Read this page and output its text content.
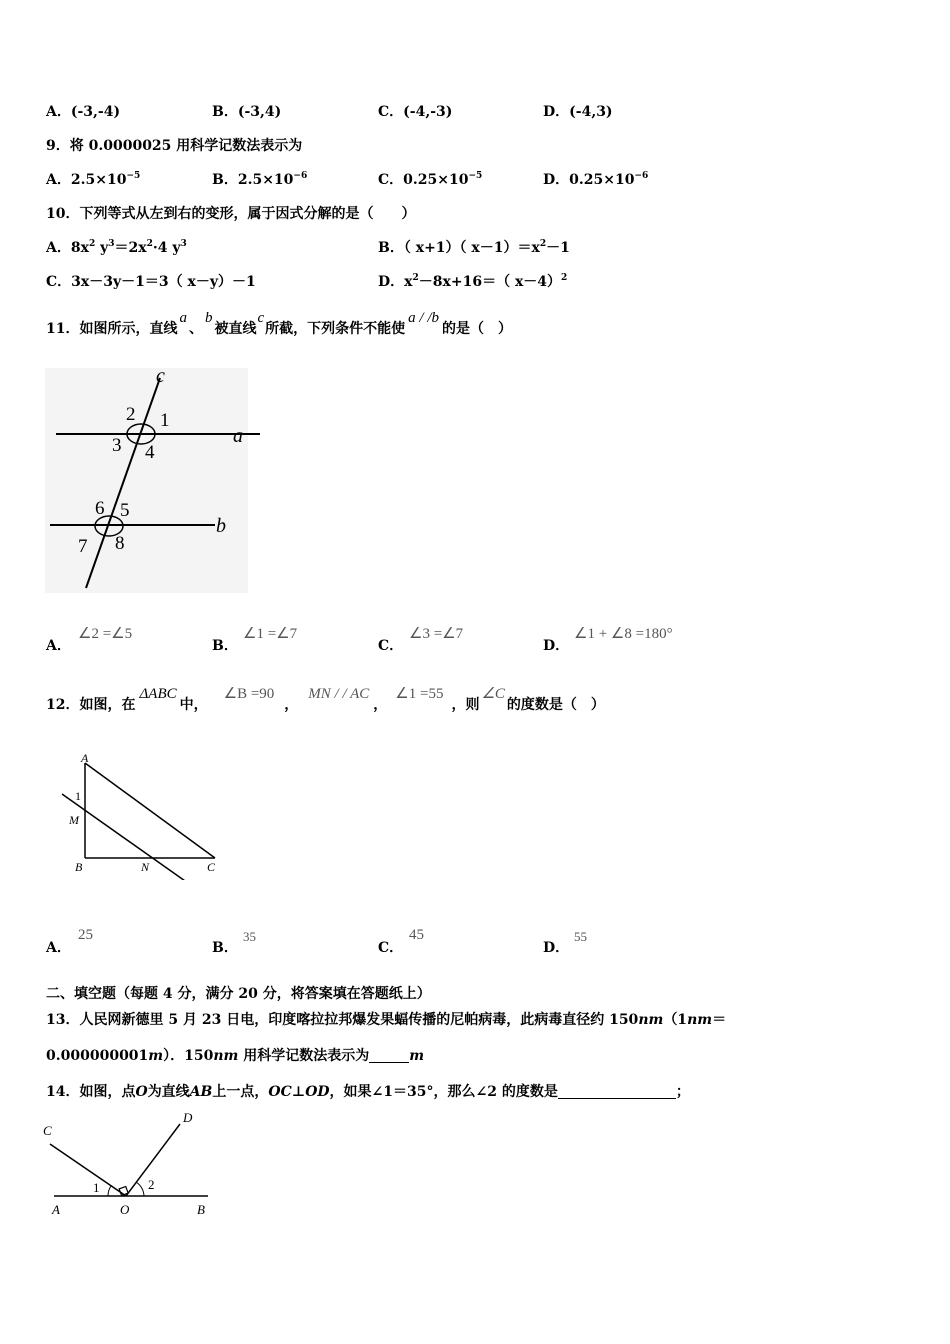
A．(-3,-4)	B．(-3,4)	C．(-4,-3)	D．(-4,3)
9．将 0.0000025 用科学记数法表示为
A．$2.5\times 10^{-5}$	B．$2.5\times 10^{-6}$	C．$0.25\times 10^{-5}$	D．$0.25\times 10^{-6}$
10．下列等式从左到右的变形，属于因式分解的是（　　）
A．$8x^2$ $y^3=2x^2\cdot 4$ $y^3$	B．（ x+1）（ $x-1)=x^2-1$
C．3x－3y－1＝3（ x－y）－1	D．$x^2-8x+16=$（ x－4）$^2$
11．如图所示，直线a、b被直线c所截，下列条件不能使a / /b的是（　）
c
a
b
2 1
3 4
6 5
7 8
A．
∠2 =∠5
B．
∠1 =∠7
C．
∠3 =∠7
D．
∠1 + ∠8 =180°
12．如图，在ΔABC中，∠B =90，MN / / AC，∠1 =55，则∠C的度数是（　）
A
1
M
B	N	C
A．
25
B．
35
C．
45
D．
55
二、填空题（每题 4 分，满分 20 分，将答案填在答题纸上）
13．人民网新德里 5 月 23 日电，印度喀拉拉邦爆发果蝠传播的尼帕病毒，此病毒直径约 150nm（1nm＝
0.000000001m）．150nm 用科学记数法表示为	m
14．如图，点O为直线AB上一点，OC⊥OD，如果∠1＝35°，那么∠2 的度数是	；
C
D
1	2
A	O	B
